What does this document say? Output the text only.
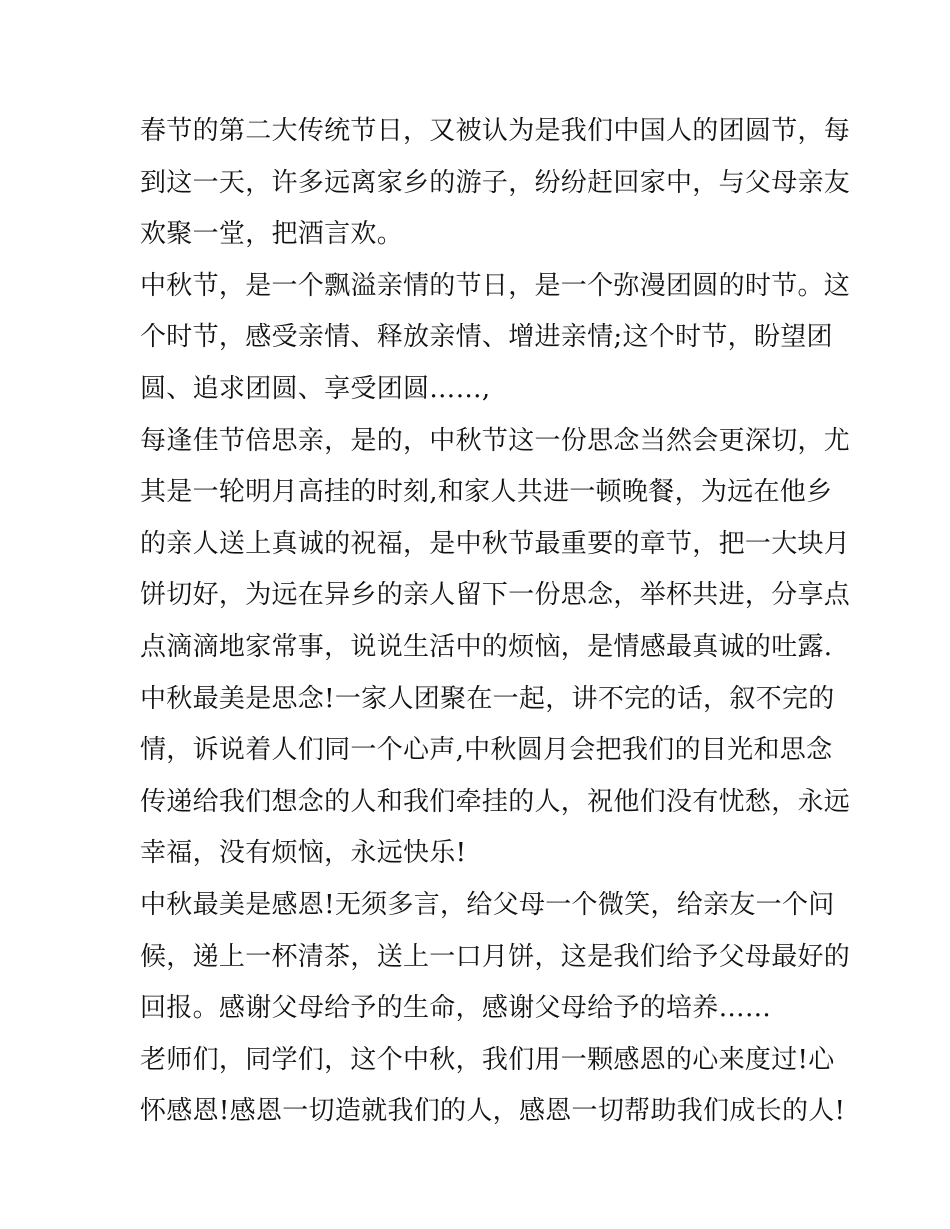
春节的第二大传统节日，又被认为是我们中国人的团圆节，每
到这一天，许多远离家乡的游子，纷纷赶回家中，与父母亲友
欢聚一堂，把酒言欢。
中秋节，是一个飘溢亲情的节日，是一个弥漫团圆的时节。这
个时节，感受亲情、释放亲情、增进亲情;这个时节，盼望团
圆、追求团圆、享受团圆……,
每逢佳节倍思亲，是的，中秋节这一份思念当然会更深切，尤
其是一轮明月高挂的时刻,和家人共进一顿晚餐，为远在他乡
的亲人送上真诚的祝福，是中秋节最重要的章节，把一大块月
饼切好，为远在异乡的亲人留下一份思念，举杯共进，分享点
点滴滴地家常事，说说生活中的烦恼，是情感最真诚的吐露.
中秋最美是思念!一家人团聚在一起，讲不完的话，叙不完的
情，诉说着人们同一个心声,中秋圆月会把我们的目光和思念
传递给我们想念的人和我们牵挂的人，祝他们没有忧愁，永远
幸福，没有烦恼，永远快乐!
中秋最美是感恩!无须多言，给父母一个微笑，给亲友一个问
候，递上一杯清茶，送上一口月饼，这是我们给予父母最好的
回报。感谢父母给予的生命，感谢父母给予的培养……
老师们，同学们，这个中秋，我们用一颗感恩的心来度过!心
怀感恩!感恩一切造就我们的人，感恩一切帮助我们成长的人!
